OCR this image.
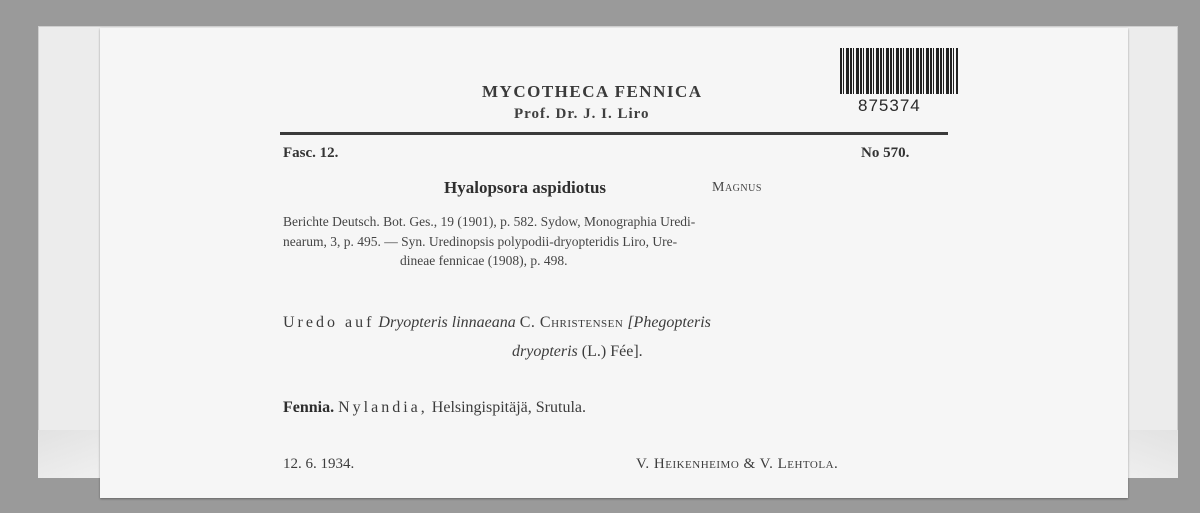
MYCOTHECA FENNICA
Prof. Dr. J. I. Liro	875374
Fasc. 12.	No 570.
Hyalopsora aspidiotus	Magnus
Berichte Deutsch. Bot. Ges., 19 (1901), p. 582. Sydow, Monographia Uredi-
nearum, 3, p. 495. — Syn. Uredinopsis polypodii-dryopteridis Liro, Ure-
dineae fennicae (1908), p. 498.
Uredo auf Dryopteris linnaeana C. Christensen [Phegopteris
dryopteris (L.) Fée].
Fennia. Nylandia, Helsingispitäjä, Srutula.
12. 6. 1934.	V. Heikenheimo & V. Lehtola.
